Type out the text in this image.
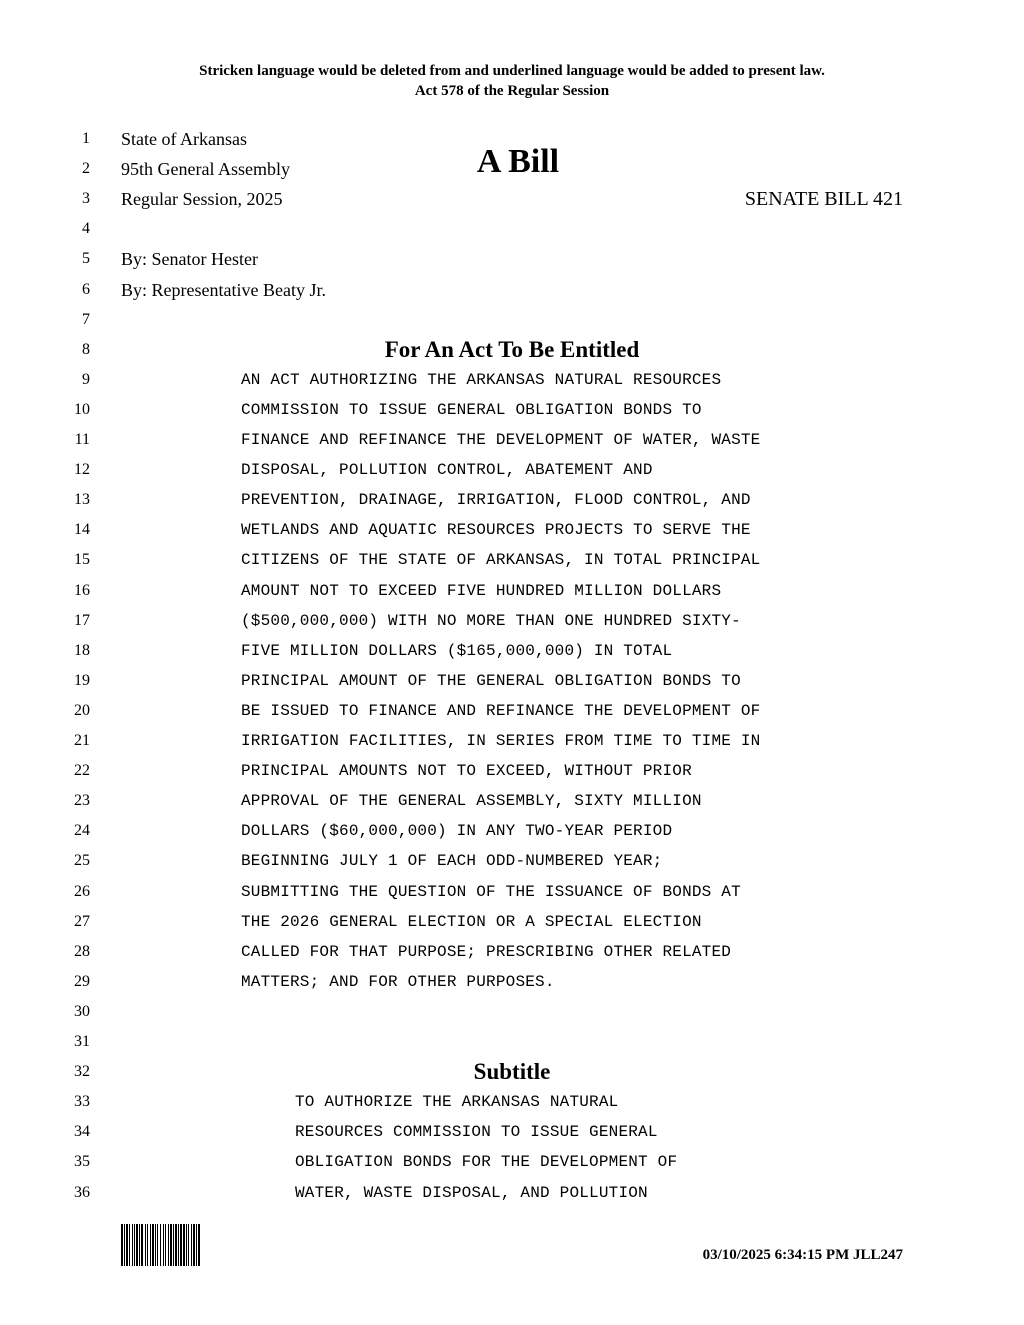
Stricken language would be deleted from and underlined language would be added to present law.
Act 578 of the Regular Session
1 State of Arkansas
2 95th General Assembly
3 Regular Session, 2025
4
5 By: Senator Hester
6 By: Representative Beaty Jr.
7
8	For An Act To Be Entitled
9	AN ACT AUTHORIZING THE ARKANSAS NATURAL RESOURCES
10	COMMISSION TO ISSUE GENERAL OBLIGATION BONDS TO
11	FINANCE AND REFINANCE THE DEVELOPMENT OF WATER, WASTE
12	DISPOSAL, POLLUTION CONTROL, ABATEMENT AND
13	PREVENTION, DRAINAGE, IRRIGATION, FLOOD CONTROL, AND
14	WETLANDS AND AQUATIC RESOURCES PROJECTS TO SERVE THE
15	CITIZENS OF THE STATE OF ARKANSAS, IN TOTAL PRINCIPAL
16	AMOUNT NOT TO EXCEED FIVE HUNDRED MILLION DOLLARS
17	($500,000,000) WITH NO MORE THAN ONE HUNDRED SIXTY-
18	FIVE MILLION DOLLARS ($165,000,000) IN TOTAL
19	PRINCIPAL AMOUNT OF THE GENERAL OBLIGATION BONDS TO
20	BE ISSUED TO FINANCE AND REFINANCE THE DEVELOPMENT OF
21	IRRIGATION FACILITIES, IN SERIES FROM TIME TO TIME IN
22	PRINCIPAL AMOUNTS NOT TO EXCEED, WITHOUT PRIOR
23	APPROVAL OF THE GENERAL ASSEMBLY, SIXTY MILLION
24	DOLLARS ($60,000,000) IN ANY TWO-YEAR PERIOD
25	BEGINNING JULY 1 OF EACH ODD-NUMBERED YEAR;
26	SUBMITTING THE QUESTION OF THE ISSUANCE OF BONDS AT
27	THE 2026 GENERAL ELECTION OR A SPECIAL ELECTION
28	CALLED FOR THAT PURPOSE; PRESCRIBING OTHER RELATED
29	MATTERS; AND FOR OTHER PURPOSES.
30
31
32	Subtitle
33	TO AUTHORIZE THE ARKANSAS NATURAL
34	RESOURCES COMMISSION TO ISSUE GENERAL
35	OBLIGATION BONDS FOR THE DEVELOPMENT OF
36	WATER, WASTE DISPOSAL, AND POLLUTION
A Bill
SENATE BILL 421
03/10/2025 6:34:15 PM JLL247
